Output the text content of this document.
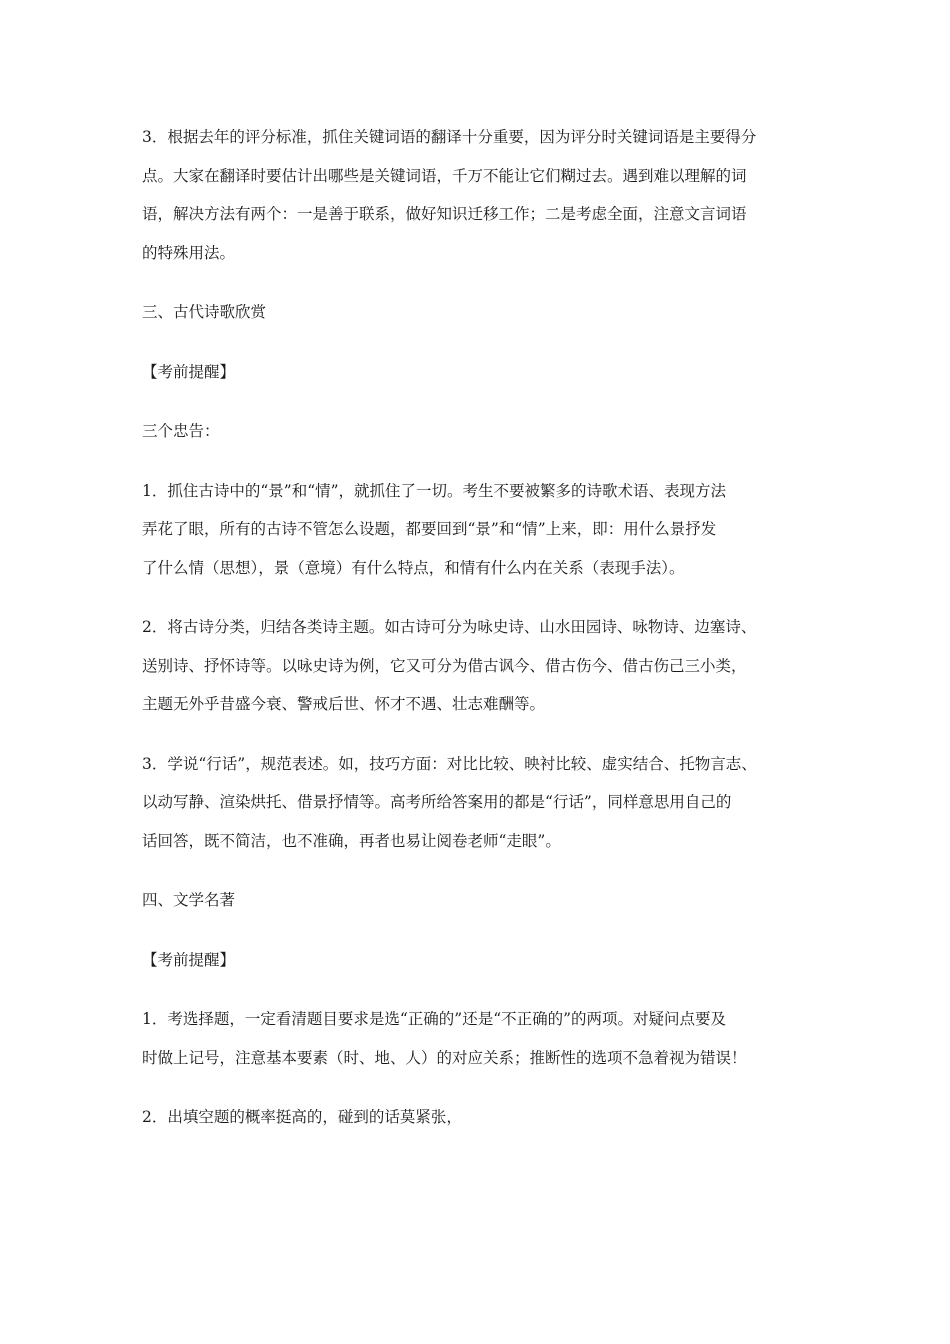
3．根据去年的评分标准，抓住关键词语的翻译十分重要，因为评分时关键词语是主要得分
点。大家在翻译时要估计出哪些是关键词语，千万不能让它们糊过去。遇到难以理解的词
语，解决方法有两个：一是善于联系，做好知识迁移工作；二是考虑全面，注意文言词语
的特殊用法。

三、古代诗歌欣赏

【考前提醒】

三个忠告：

1．抓住古诗中的“景”和“情”，就抓住了一切。考生不要被繁多的诗歌术语、表现方法
弄花了眼，所有的古诗不管怎么设题，都要回到“景”和“情”上来，即：用什么景抒发
了什么情（思想），景（意境）有什么特点，和情有什么内在关系（表现手法）。

2．将古诗分类，归结各类诗主题。如古诗可分为咏史诗、山水田园诗、咏物诗、边塞诗、
送别诗、抒怀诗等。以咏史诗为例，它又可分为借古讽今、借古伤今、借古伤己三小类，
主题无外乎昔盛今衰、警戒后世、怀才不遇、壮志难酬等。

3．学说“行话”，规范表述。如，技巧方面：对比比较、映衬比较、虚实结合、托物言志、
以动写静、渲染烘托、借景抒情等。高考所给答案用的都是“行话”，同样意思用自己的
话回答，既不简洁，也不准确，再者也易让阅卷老师“走眼”。

四、文学名著

【考前提醒】

1．考选择题，一定看清题目要求是选“正确的”还是“不正确的”的两项。对疑问点要及
时做上记号，注意基本要素（时、地、人）的对应关系；推断性的选项不急着视为错误！

2．出填空题的概率挺高的，碰到的话莫紧张，
